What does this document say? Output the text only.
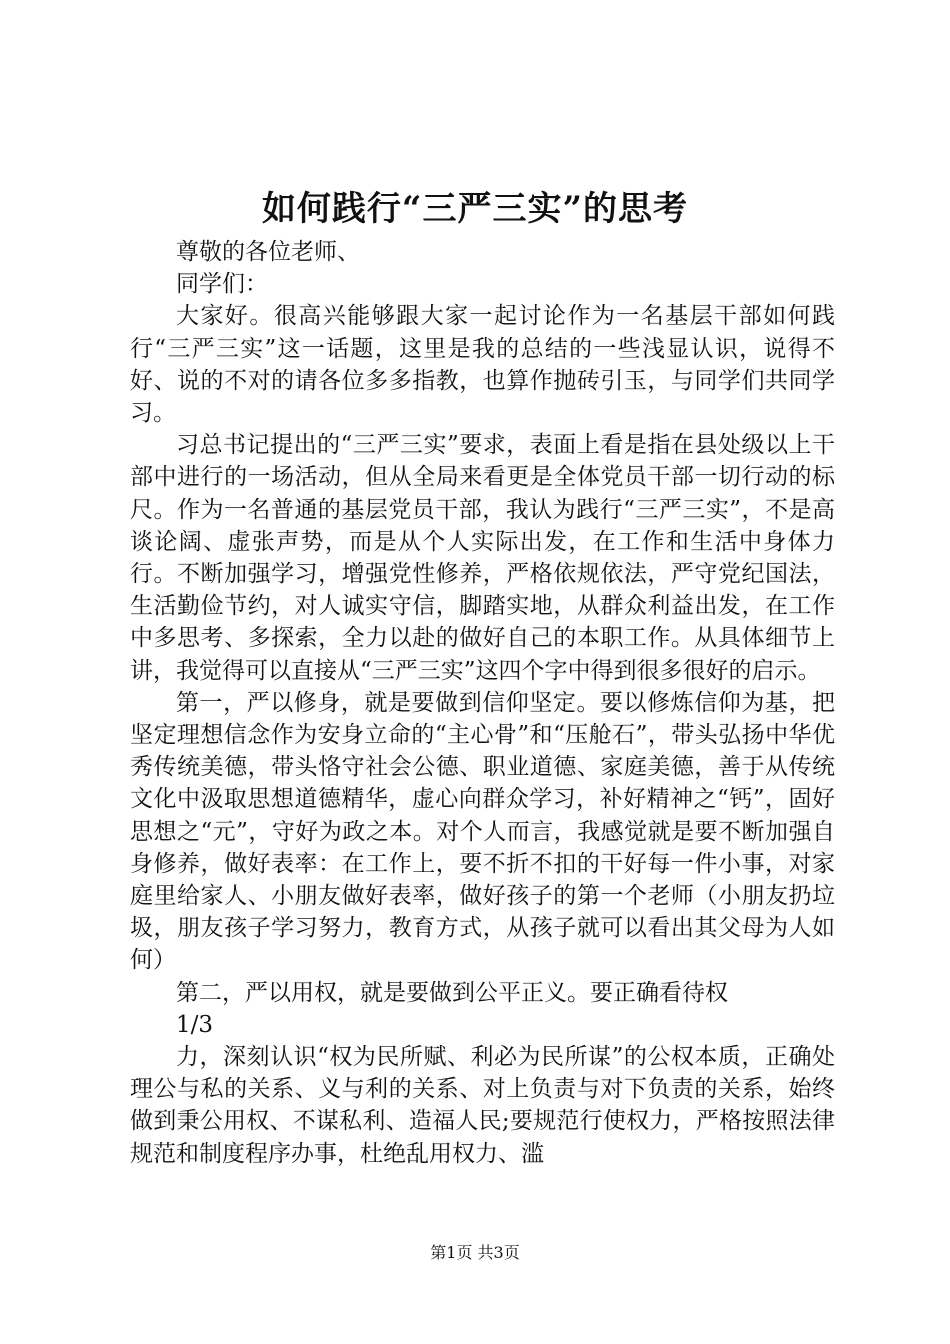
如何践行“三严三实”的思考

尊敬的各位老师、

同学们：

大家好。很高兴能够跟大家一起讨论作为一名基层干部如何践行“三严三实”这一话题，这里是我的总结的一些浅显认识，说得不好、说的不对的请各位多多指教，也算作抛砖引玉，与同学们共同学习。

习总书记提出的“三严三实”要求，表面上看是指在县处级以上干部中进行的一场活动，但从全局来看更是全体党员干部一切行动的标尺。作为一名普通的基层党员干部，我认为践行“三严三实”，不是高谈论阔、虚张声势，而是从个人实际出发，在工作和生活中身体力行。不断加强学习，增强党性修养，严格依规依法，严守党纪国法，生活勤俭节约，对人诚实守信，脚踏实地，从群众利益出发，在工作中多思考、多探索，全力以赴的做好自己的本职工作。从具体细节上讲，我觉得可以直接从“三严三实”这四个字中得到很多很好的启示。

第一，严以修身，就是要做到信仰坚定。要以修炼信仰为基，把坚定理想信念作为安身立命的“主心骨”和“压舱石”，带头弘扬中华优秀传统美德，带头恪守社会公德、职业道德、家庭美德，善于从传统文化中汲取思想道德精华，虚心向群众学习，补好精神之“钙”，固好思想之“元”，守好为政之本。对个人而言，我感觉就是要不断加强自身修养，做好表率：在工作上，要不折不扣的干好每一件小事，对家庭里给家人、小朋友做好表率，做好孩子的第一个老师（小朋友扔垃圾，朋友孩子学习努力，教育方式，从孩子就可以看出其父母为人如何）

第二，严以用权，就是要做到公平正义。要正确看待权

1/3

力，深刻认识“权为民所赋、利必为民所谋”的公权本质，正确处理公与私的关系、义与利的关系、对上负责与对下负责的关系，始终做到秉公用权、不谋私利、造福人民;要规范行使权力，严格按照法律规范和制度程序办事，杜绝乱用权力、滥

第1页 共3页
